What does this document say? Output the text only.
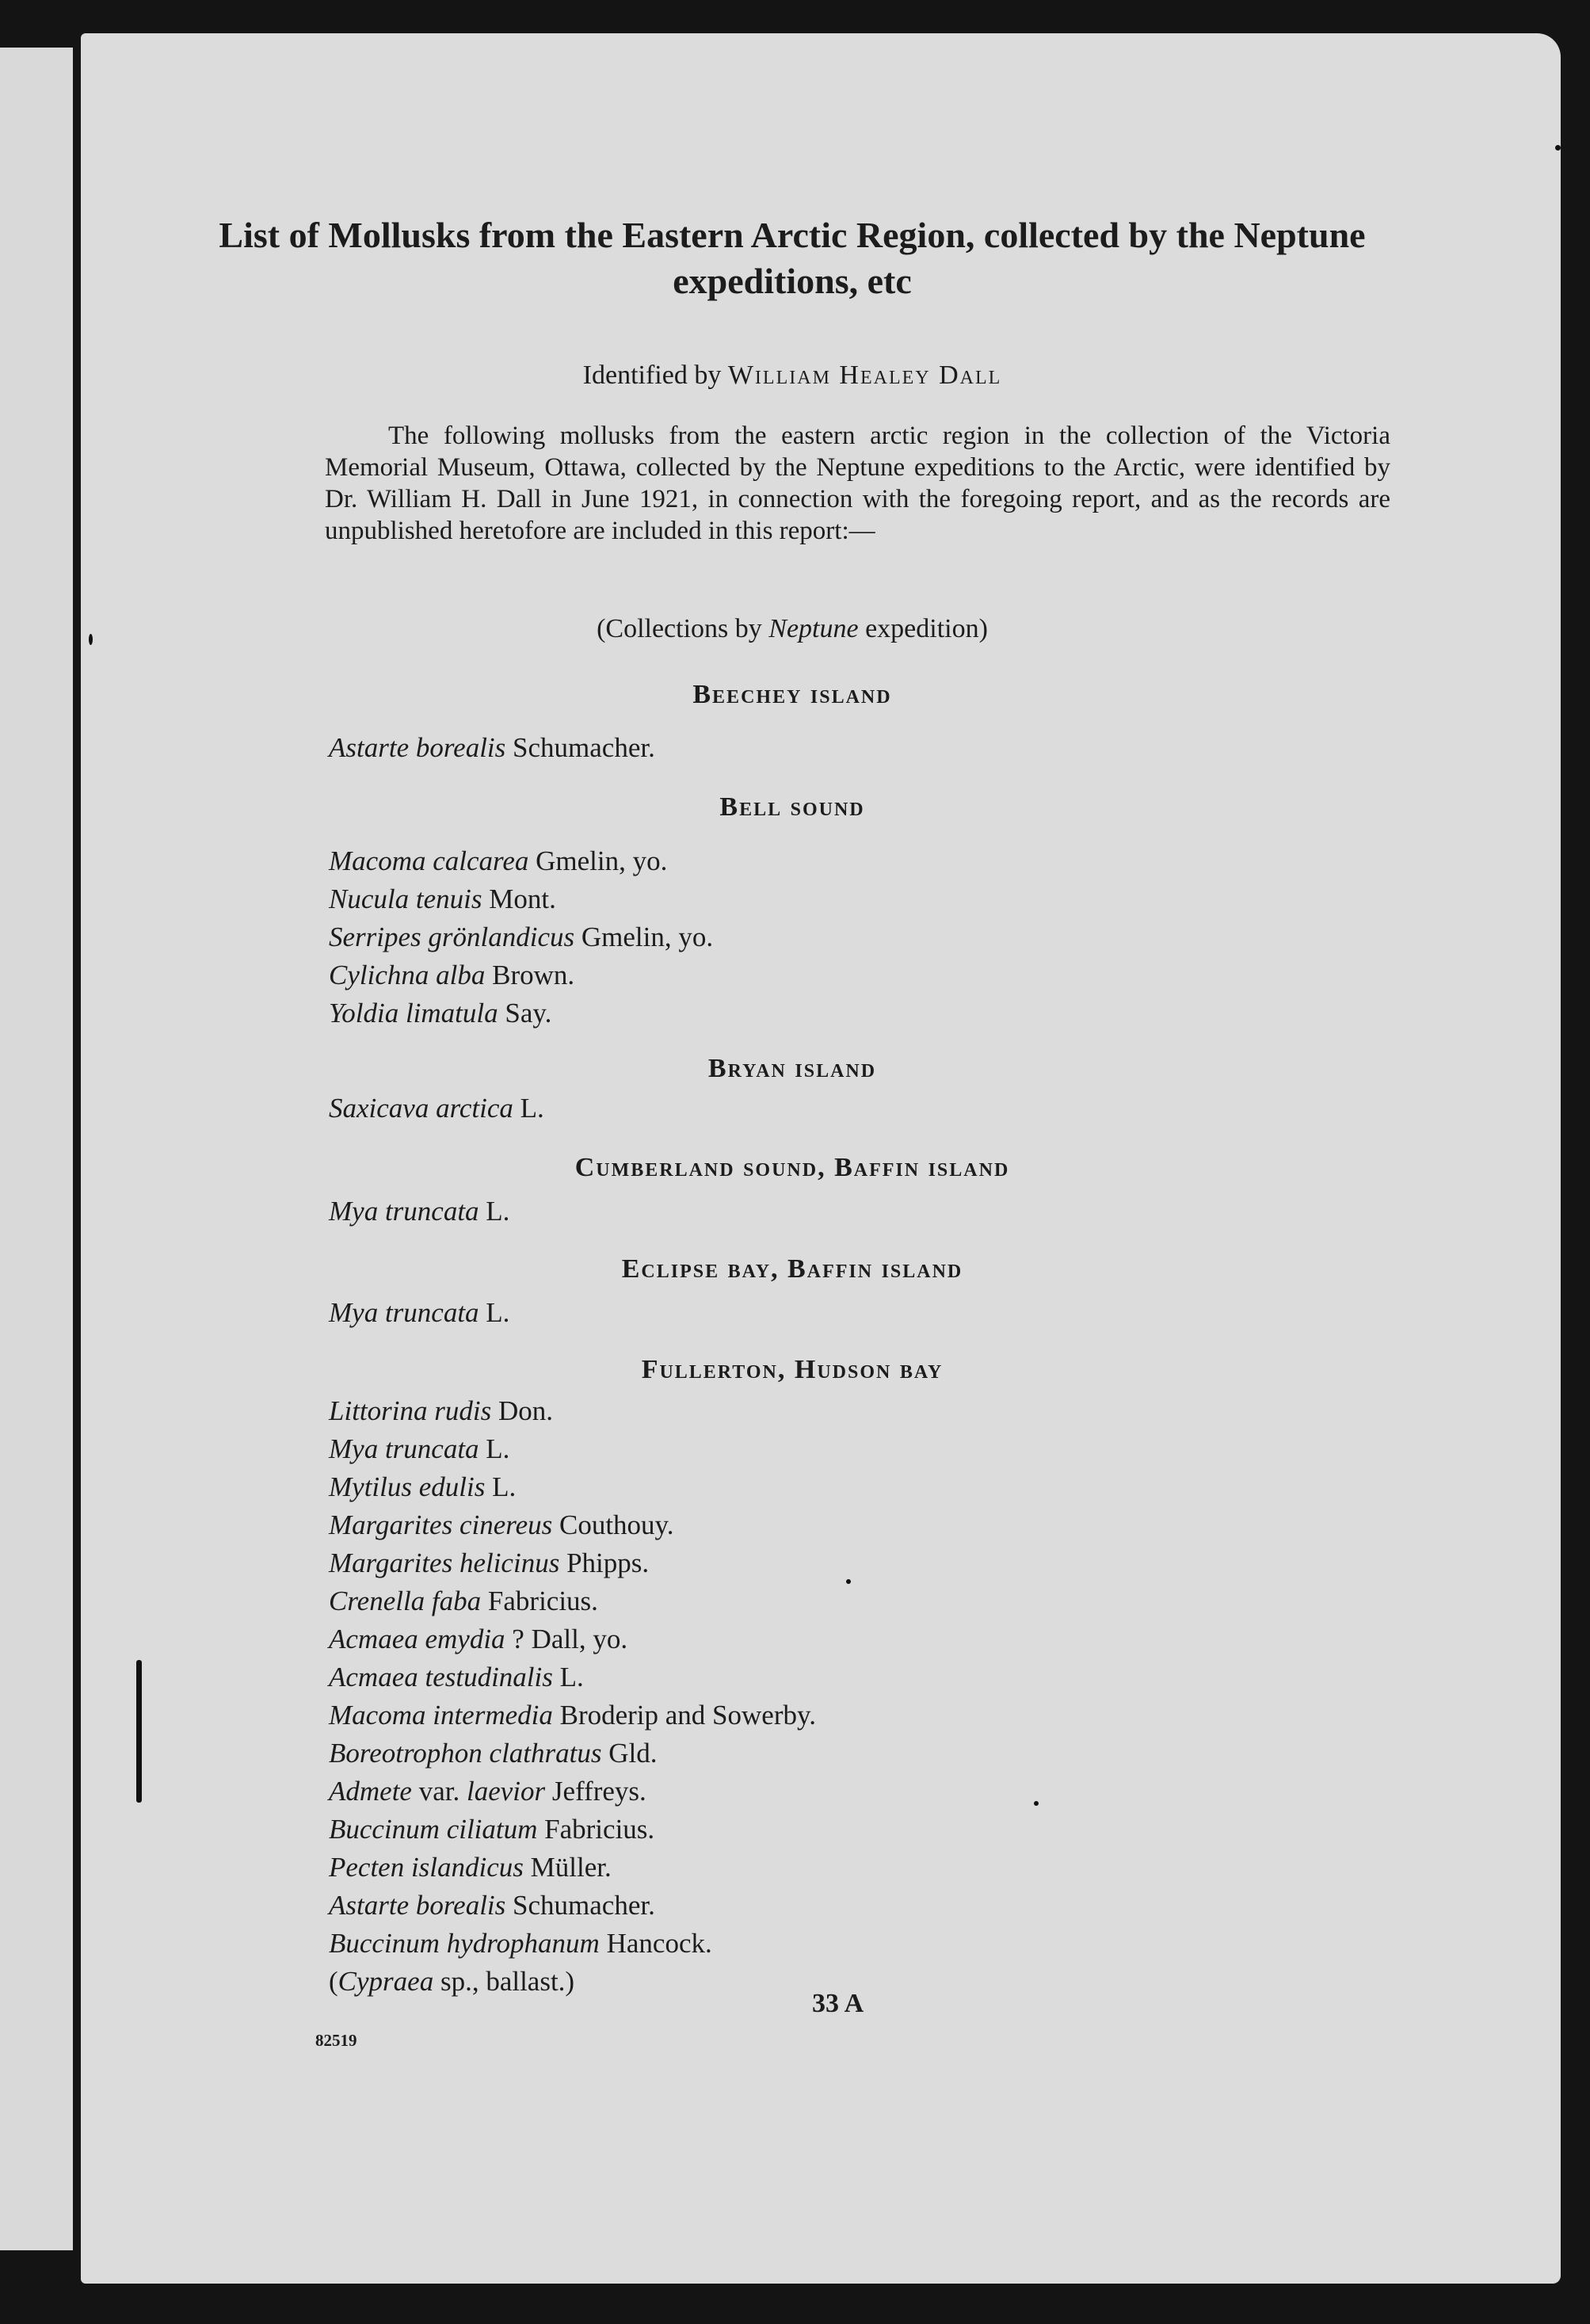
List of Mollusks from the Eastern Arctic Region, collected by the Neptune expeditions, etc

Identified by William Healey Dall

The following mollusks from the eastern arctic region in the collection of the Victoria Memorial Museum, Ottawa, collected by the Neptune expeditions to the Arctic, were identified by Dr. William H. Dall in June 1921, in connection with the foregoing report, and as the records are unpublished heretofore are included in this report:—

(Collections by Neptune expedition)

Beechey island
Astarte borealis Schumacher.
Bell sound
Macoma calcarea Gmelin, yo.
Nucula tenuis Mont.
Serripes grönlandicus Gmelin, yo.
Cylichna alba Brown.
Yoldia limatula Say.
Bryan island
Saxicava arctica L.
Cumberland sound, Baffin island
Mya truncata L.
Eclipse bay, Baffin island
Mya truncata L.
Fullerton, Hudson bay
Littorina rudis Don.
Mya truncata L.
Mytilus edulis L.
Margarites cinereus Couthouy.
Margarites helicinus Phipps.
Crenella faba Fabricius.
Acmaea emydia ? Dall, yo.
Acmaea testudinalis L.
Macoma intermedia Broderip and Sowerby.
Boreotrophon clathratus Gld.
Admete var. laevior Jeffreys.
Buccinum ciliatum Fabricius.
Pecten islandicus Müller.
Astarte borealis Schumacher.
Buccinum hydrophanum Hancock.
(Cypraea sp., ballast.)
33 A
82519
